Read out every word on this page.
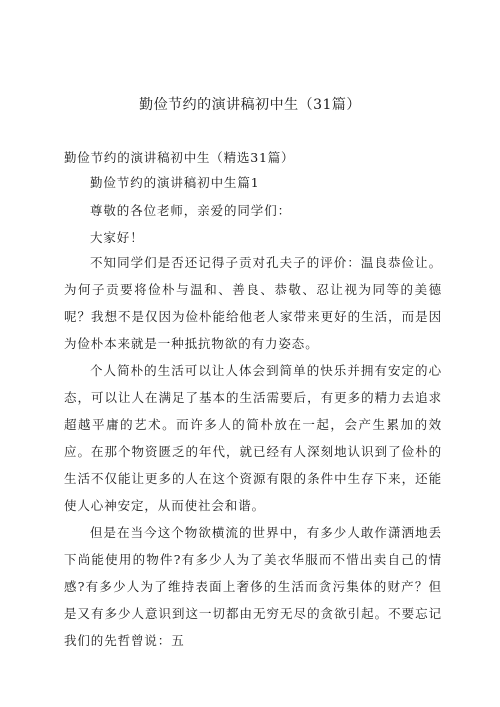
勤俭节约的演讲稿初中生（31篇）
勤俭节约的演讲稿初中生（精选31篇）
勤俭节约的演讲稿初中生篇1
尊敬的各位老师，亲爱的同学们：
大家好！
不知同学们是否还记得子贡对孔夫子的评价：温良恭俭让。为何子贡要将俭朴与温和、善良、恭敬、忍让视为同等的美德呢？我想不是仅因为俭朴能给他老人家带来更好的生活，而是因为俭朴本来就是一种抵抗物欲的有力姿态。
个人简朴的生活可以让人体会到简单的快乐并拥有安定的心态，可以让人在满足了基本的生活需要后，有更多的精力去追求超越平庸的艺术。而许多人的简朴放在一起，会产生累加的效应。在那个物资匮乏的年代，就已经有人深刻地认识到了俭朴的生活不仅能让更多的人在这个资源有限的条件中生存下来，还能使人心神安定，从而使社会和谐。
但是在当今这个物欲横流的世界中，有多少人敢作潇洒地丢下尚能使用的物件?有多少人为了美衣华服而不惜出卖自己的情感?有多少人为了维持表面上奢侈的生活而贪污集体的财产？但是又有多少人意识到这一切都由无穷无尽的贪欲引起。不要忘记我们的先哲曾说：五
